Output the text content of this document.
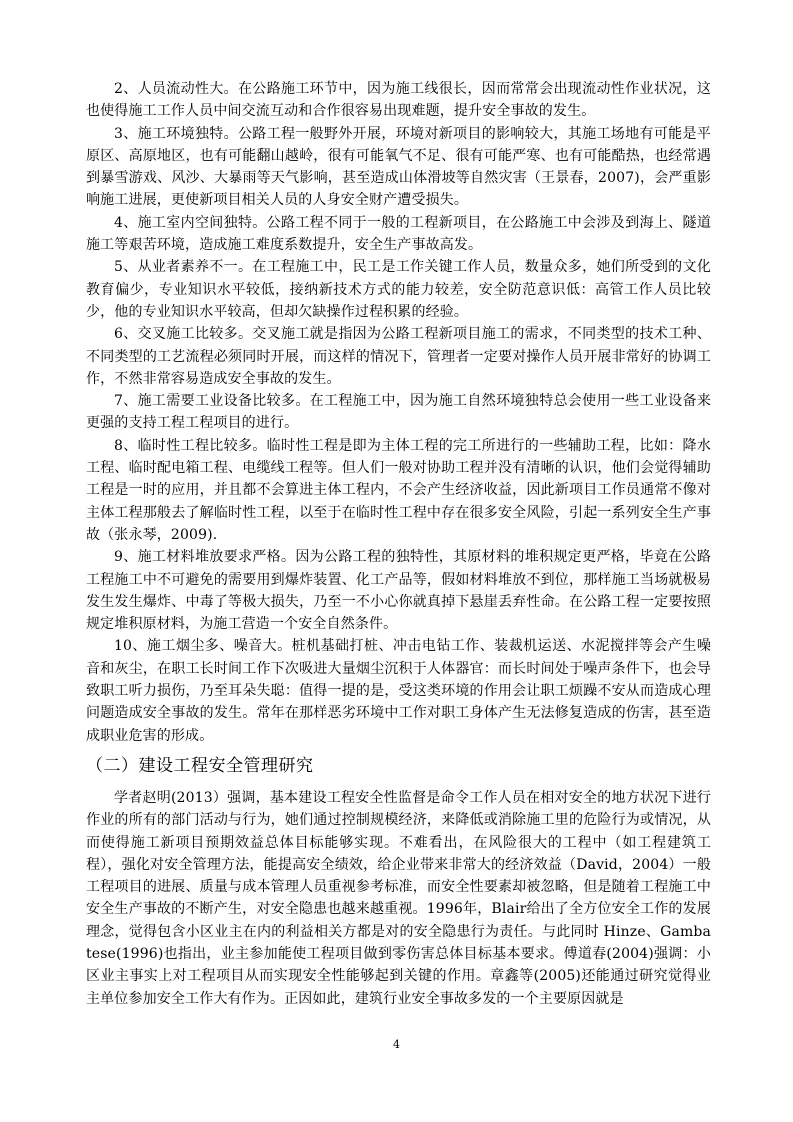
2、人员流动性大。在公路施工环节中，因为施工线很长，因而常常会出现流动性作业状况，这也使得施工工作人员中间交流互动和合作很容易出现难题，提升安全事故的发生。

3、施工环境独特。公路工程一般野外开展，环境对新项目的影响较大，其施工场地有可能是平原区、高原地区，也有可能翻山越岭，很有可能氧气不足、很有可能严寒、也有可能酷热，也经常遇到暴雪游戏、风沙、大暴雨等天气影响，甚至造成山体滑坡等自然灾害（王景春，2007)，会严重影响施工进展，更使新项目相关人员的人身安全财产遭受损失。

4、施工室内空间独特。公路工程不同于一般的工程新项目，在公路施工中会涉及到海上、隧道施工等艰苦环境，造成施工难度系数提升，安全生产事故高发。

5、从业者素养不一。在工程施工中，民工是工作关键工作人员，数量众多，她们所受到的文化教育偏少，专业知识水平较低，接纳新技术方式的能力较差，安全防范意识低：高管工作人员比较少，他的专业知识水平较高，但却欠缺操作过程积累的经验。

6、交叉施工比较多。交叉施工就是指因为公路工程新项目施工的需求，不同类型的技术工种、不同类型的工艺流程必须同时开展，而这样的情况下，管理者一定要对操作人员开展非常好的协调工作，不然非常容易造成安全事故的发生。

7、施工需要工业设备比较多。在工程施工中，因为施工自然环境独特总会使用一些工业设备来更强的支持工程工程项目的进行。

8、临时性工程比较多。临时性工程是即为主体工程的完工所进行的一些辅助工程，比如：降水工程、临时配电箱工程、电缆线工程等。但人们一般对协助工程并没有清晰的认识，他们会觉得辅助工程是一时的应用，并且都不会算进主体工程内，不会产生经济收益，因此新项目工作员通常不像对主体工程那般去了解临时性工程，以至于在临时性工程中存在很多安全风险，引起一系列安全生产事故（张永琴，2009).

9、施工材料堆放要求严格。因为公路工程的独特性，其原材料的堆积规定更严格，毕竟在公路工程施工中不可避免的需要用到爆炸装置、化工产品等，假如材料堆放不到位，那样施工当场就极易发生发生爆炸、中毒了等极大损失，乃至一不小心你就真掉下悬崖丢弃性命。在公路工程一定要按照规定堆积原材料，为施工营造一个安全自然条件。

10、施工烟尘多、噪音大。桩机基础打桩、冲击电钻工作、装裁机运送、水泥搅拌等会产生噪音和灰尘，在职工长时间工作下次吸进大量烟尘沉积于人体器官：而长时间处于噪声条件下，也会导致职工听力损伤，乃至耳朵失聪：值得一提的是，受这类环境的作用会让职工烦躁不安从而造成心理问题造成安全事故的发生。常年在那样恶劣环境中工作对职工身体产生无法修复造成的伤害，甚至造成职业危害的形成。

（二）建设工程安全管理研究

学者赵明(2013）强调，基本建设工程安全性监督是命令工作人员在相对安全的地方状况下进行作业的所有的部门活动与行为，她们通过控制规模经济，来降低或消除施工里的危险行为或情况，从而使得施工新项目预期效益总体目标能够实现。不难看出，在风险很大的工程中（如工程建筑工程），强化对安全管理方法，能提高安全绩效，给企业带来非常大的经济效益（David，2004）一般工程项目的进展、质量与成本管理人员重视参考标准，而安全性要素却被忽略，但是随着工程施工中安全生产事故的不断产生，对安全隐患也越来越重视。1996年，Blair给出了全方位安全工作的发展理念，觉得包含小区业主在内的利益相关方都是对的安全隐患行为责任。与此同时 Hinze、Gambatese(1996)也指出，业主参加能使工程项目做到零伤害总体目标基本要求。傅道春(2004)强调：小区业主事实上对工程项目从而实现安全性能够起到关键的作用。章鑫等(2005)还能通过研究觉得业主单位参加安全工作大有作为。正因如此，建筑行业安全事故多发的一个主要原因就是

4
